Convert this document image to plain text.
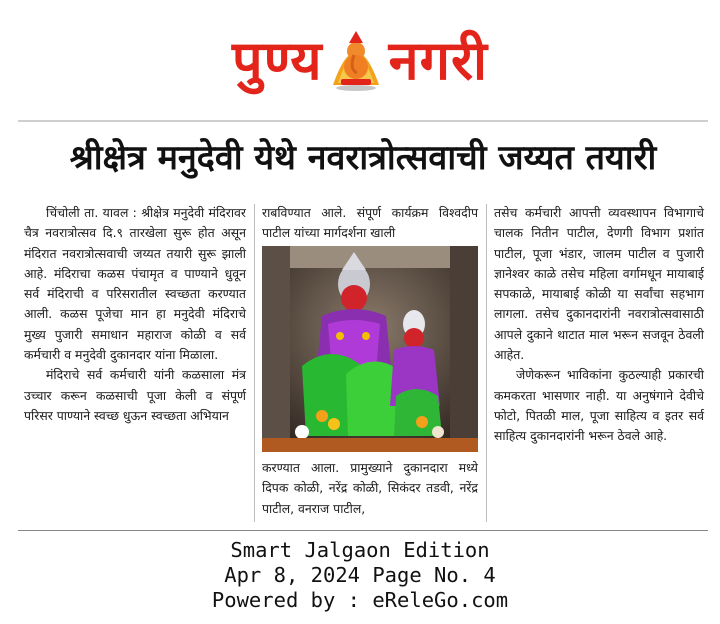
पुण्य नगरी
श्रीक्षेत्र मनुदेवी येथे नवरात्रोत्सवाची जय्यत तयारी

चिंचोली ता. यावल : श्रीक्षेत्र मनुदेवी मंदिरावर चैत्र नवरात्रोत्सव दि.९ तारखेला सुरू होत असून मंदिरात नवरात्रोत्सवाची जय्यत तयारी सुरू झाली आहे. मंदिराचा कळस पंचामृत व पाण्याने धुवून सर्व मंदिराची व परिसरातील स्वच्छता करण्यात आली. कळस पूजेचा मान हा मनुदेवी मंदिराचे मुख्य पुजारी समाधान महाराज कोळी व सर्व कर्मचारी व मनुदेवी दुकानदार यांना मिळाला.

मंदिराचे सर्व कर्मचारी यांनी कळसाला मंत्र उच्चार करून कळसाची पूजा केली व संपूर्ण परिसर पाण्याने स्वच्छ धुऊन स्वच्छता अभियान

राबविण्यात आले. संपूर्ण कार्यक्रम विश्वदीप पाटील यांच्या मार्गदर्शना खाली

करण्यात आला. प्रामुख्याने दुकानदारा मध्ये दिपक कोळी, नरेंद्र कोळी, सिकंदर तडवी, नरेंद्र पाटील, वनराज पाटील,

तसेच कर्मचारी आपत्ती व्यवस्थापन विभागाचे चालक नितीन पाटील, देणगी विभाग प्रशांत पाटील, पूजा भंडार, जालम पाटील व पुजारी ज्ञानेश्वर काळे तसेच महिला वर्गामधून मायाबाई सपकाळे, मायाबाई कोळी या सर्वांचा सहभाग लागला. तसेच दुकानदारांनी नवरात्रोत्सवासाठी आपले दुकाने थाटात माल भरून सजवून ठेवली आहेत.

जेणेकरून भाविकांना कुठल्याही प्रकारची कमकरता भासणार नाही. या अनुषंगाने देवीचे फोटो, पितळी माल, पूजा साहित्य व इतर सर्व साहित्य दुकानदारांनी भरून ठेवले आहे.

Smart Jalgaon Edition
Apr 8, 2024 Page No. 4
Powered by : eReleGo.com
